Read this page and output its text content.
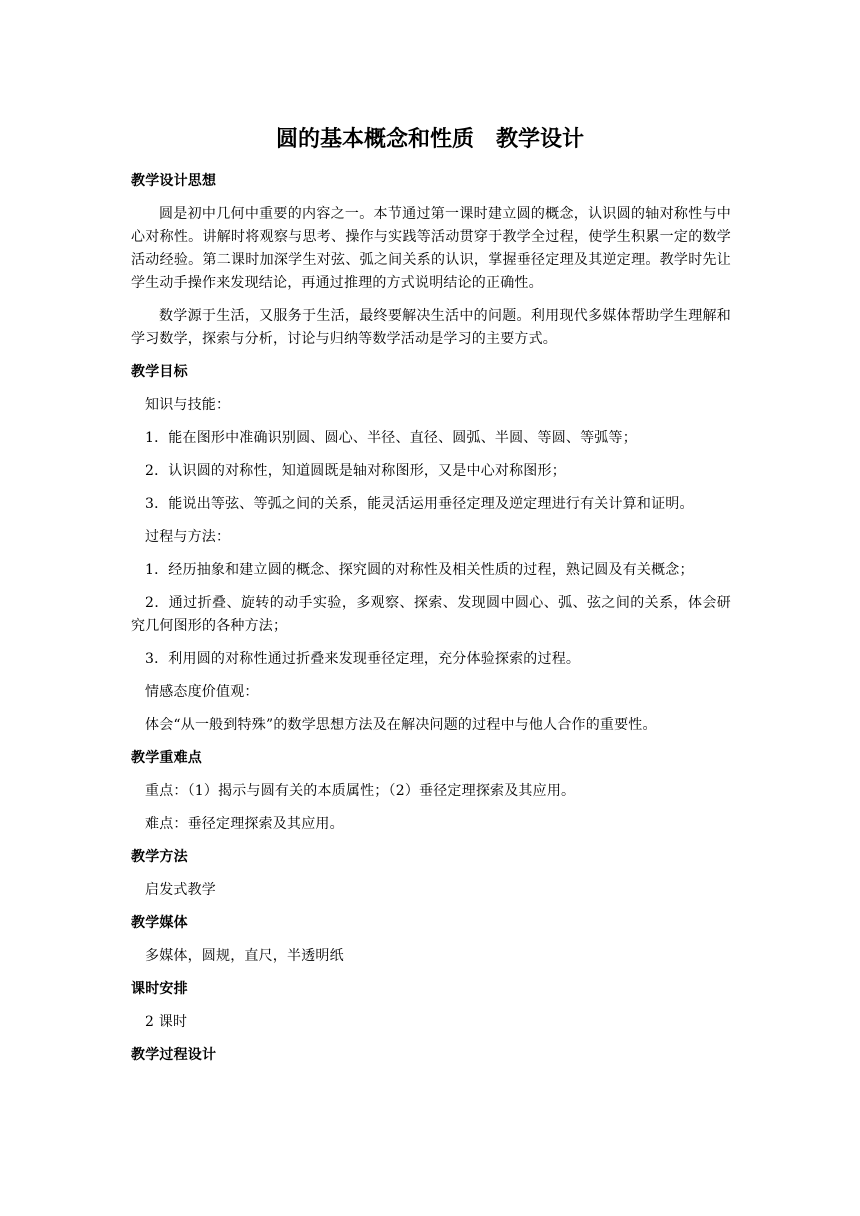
圆的基本概念和性质　教学设计

教学设计思想

圆是初中几何中重要的内容之一。本节通过第一课时建立圆的概念，认识圆的轴对称性与中心对称性。讲解时将观察与思考、操作与实践等活动贯穿于教学全过程，使学生积累一定的数学活动经验。第二课时加深学生对弦、弧之间关系的认识，掌握垂径定理及其逆定理。教学时先让学生动手操作来发现结论，再通过推理的方式说明结论的正确性。

数学源于生活，又服务于生活，最终要解决生活中的问题。利用现代多媒体帮助学生理解和学习数学，探索与分析，讨论与归纳等数学活动是学习的主要方式。

教学目标

知识与技能：

1．能在图形中准确识别圆、圆心、半径、直径、圆弧、半圆、等圆、等弧等；

2．认识圆的对称性，知道圆既是轴对称图形，又是中心对称图形；

3．能说出等弦、等弧之间的关系，能灵活运用垂径定理及逆定理进行有关计算和证明。

过程与方法：

1．经历抽象和建立圆的概念、探究圆的对称性及相关性质的过程，熟记圆及有关概念；

2．通过折叠、旋转的动手实验，多观察、探索、发现圆中圆心、弧、弦之间的关系，体会研究几何图形的各种方法；

3．利用圆的对称性通过折叠来发现垂径定理，充分体验探索的过程。

情感态度价值观：

体会“从一般到特殊”的数学思想方法及在解决问题的过程中与他人合作的重要性。

教学重难点

重点：（1）揭示与圆有关的本质属性；（2）垂径定理探索及其应用。

难点：垂径定理探索及其应用。

教学方法

启发式教学

教学媒体

多媒体，圆规，直尺，半透明纸

课时安排

2 课时

教学过程设计
